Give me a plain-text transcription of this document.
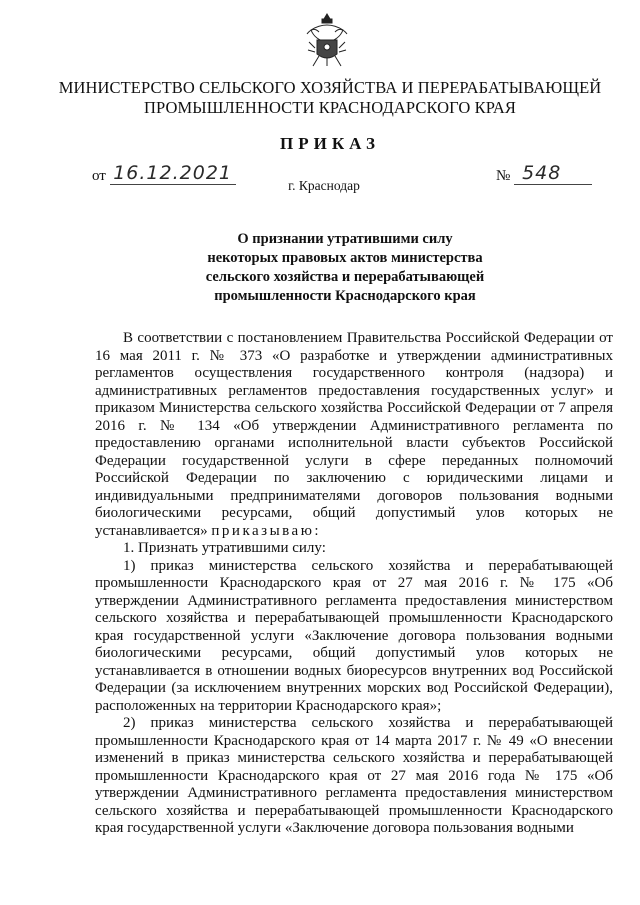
МИНИСТЕРСТВО СЕЛЬСКОГО ХОЗЯЙСТВА И ПЕРЕРАБАТЫВАЮЩЕЙ
ПРОМЫШЛЕННОСТИ КРАСНОДАРСКОГО КРАЯ
ПРИКАЗ
от 16.12.2021	№ 548
г. Краснодар
О признании утратившими силу
некоторых правовых актов министерства
сельского хозяйства и перерабатывающей
промышленности Краснодарского края

В соответствии с постановлением Правительства Российской Федерации от 16 мая 2011 г. № 373 «О разработке и утверждении административных регламентов осуществления государственного контроля (надзора) и административных регламентов предоставления государственных услуг» и приказом Министерства сельского хозяйства Российской Федерации от 7 апреля 2016 г. № 134 «Об утверждении Административного регламента по предоставлению органами исполнительной власти субъектов Российской Федерации государственной услуги в сфере переданных полномочий Российской Федерации по заключению с юридическими лицами и индивидуальными предпринимателями договоров пользования водными биологическими ресурсами, общий допустимый улов которых не устанавливается» приказываю:

1. Признать утратившими силу:

1) приказ министерства сельского хозяйства и перерабатывающей промышленности Краснодарского края от 27 мая 2016 г. № 175 «Об утверждении Административного регламента предоставления министерством сельского хозяйства и перерабатывающей промышленности Краснодарского края государственной услуги «Заключение договора пользования водными биологическими ресурсами, общий допустимый улов которых не устанавливается в отношении водных биоресурсов внутренних вод Российской Федерации (за исключением внутренних морских вод Российской Федерации), расположенных на территории Краснодарского края»;

2) приказ министерства сельского хозяйства и перерабатывающей промышленности Краснодарского края от 14 марта 2017 г. № 49 «О внесении изменений в приказ министерства сельского хозяйства и перерабатывающей промышленности Краснодарского края от 27 мая 2016 года № 175 «Об утверждении Административного регламента предоставления министерством сельского хозяйства и перерабатывающей промышленности Краснодарского края государственной услуги «Заключение договора пользования водными
